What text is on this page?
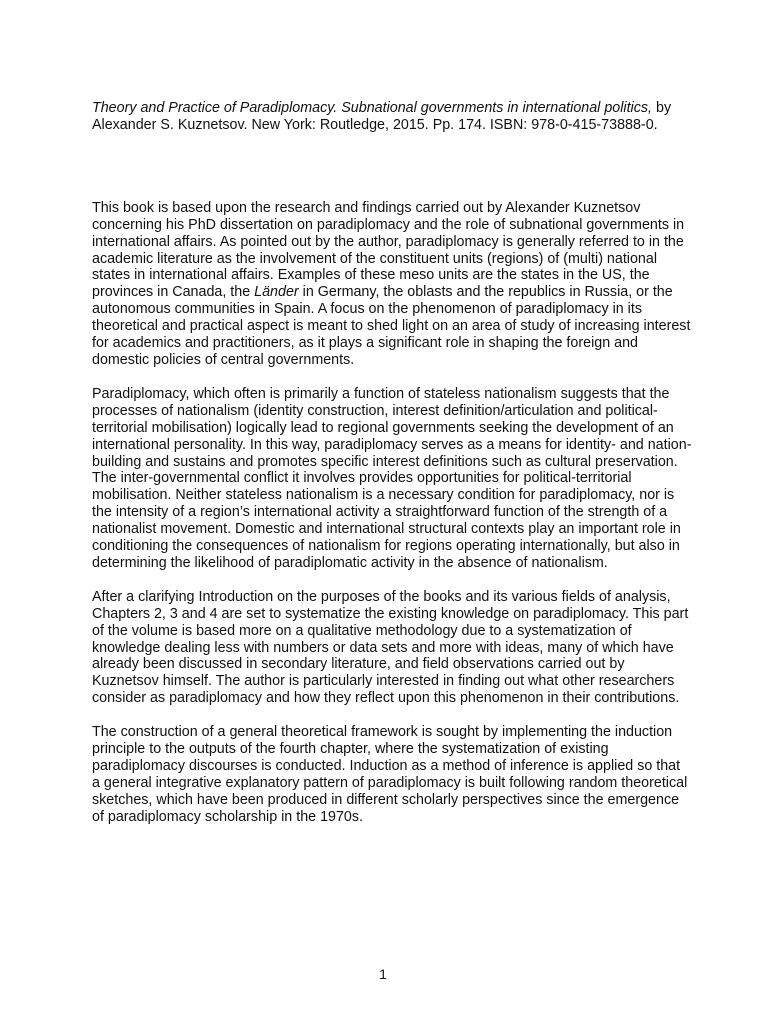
Theory and Practice of Paradiplomacy. Subnational governments in international politics, by Alexander S. Kuznetsov. New York: Routledge, 2015. Pp. 174. ISBN: 978-0-415-73888-0.

This book is based upon the research and findings carried out by Alexander Kuznetsov concerning his PhD dissertation on paradiplomacy and the role of subnational governments in international affairs. As pointed out by the author, paradiplomacy is generally referred to in the academic literature as the involvement of the constituent units (regions) of (multi) national states in international affairs. Examples of these meso units are the states in the US, the provinces in Canada, the Länder in Germany, the oblasts and the republics in Russia, or the autonomous communities in Spain. A focus on the phenomenon of paradiplomacy in its theoretical and practical aspect is meant to shed light on an area of study of increasing interest for academics and practitioners, as it plays a significant role in shaping the foreign and domestic policies of central governments.

Paradiplomacy, which often is primarily a function of stateless nationalism suggests that the processes of nationalism (identity construction, interest definition/articulation and political-territorial mobilisation) logically lead to regional governments seeking the development of an international personality. In this way, paradiplomacy serves as a means for identity- and nation-building and sustains and promotes specific interest definitions such as cultural preservation. The inter-governmental conflict it involves provides opportunities for political-territorial mobilisation. Neither stateless nationalism is a necessary condition for paradiplomacy, nor is the intensity of a region’s international activity a straightforward function of the strength of a nationalist movement. Domestic and international structural contexts play an important role in conditioning the consequences of nationalism for regions operating internationally, but also in determining the likelihood of paradiplomatic activity in the absence of nationalism.

After a clarifying Introduction on the purposes of the books and its various fields of analysis, Chapters 2, 3 and 4 are set to systematize the existing knowledge on paradiplomacy. This part of the volume is based more on a qualitative methodology due to a systematization of knowledge dealing less with numbers or data sets and more with ideas, many of which have already been discussed in secondary literature, and field observations carried out by Kuznetsov himself. The author is particularly interested in finding out what other researchers consider as paradiplomacy and how they reflect upon this phenomenon in their contributions.

The construction of a general theoretical framework is sought by implementing the induction principle to the outputs of the fourth chapter, where the systematization of existing paradiplomacy discourses is conducted. Induction as a method of inference is applied so that a general integrative explanatory pattern of paradiplomacy is built following random theoretical sketches, which have been produced in different scholarly perspectives since the emergence of paradiplomacy scholarship in the 1970s.

1
